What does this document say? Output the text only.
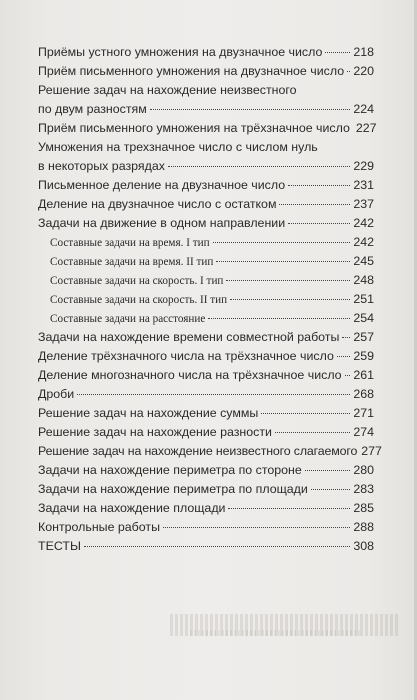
Приёмы устного умножения на двузначное число 218
Приём письменного умножения на двузначное число 220
Решение задач на нахождение неизвестного
по двум разностям	224
Приём письменного умножения на трёхзначное число 227
Умножения на трехзначное число с числом нуль
в некоторых разрядах	229
Письменное деление на двузначное число	231
Деление на двузначное число с остатком	237
Задачи на движение в одном направлении	242
Составные задачи на время. I тип	242
Составные задачи на время. II тип	245
Составные задачи на скорость. I тип	248
Составные задачи на скорость. II тип	251
Составные задачи на расстояние	254
Задачи на нахождение времени совместной работы 257
Деление трёхзначного числа на трёхзначное число 259
Деление многозначного числа на трёхзначное число 261
Дроби	268
Решение задач на нахождение суммы	271
Решение задач на нахождение разности	274
Решение задач на нахождение неизвестного слагаемого 277
Задачи на нахождение периметра по стороне	280
Задачи на нахождение периметра по площади	283
Задачи на нахождение площади	285
Контрольные работы	288
ТЕСТЫ	308
